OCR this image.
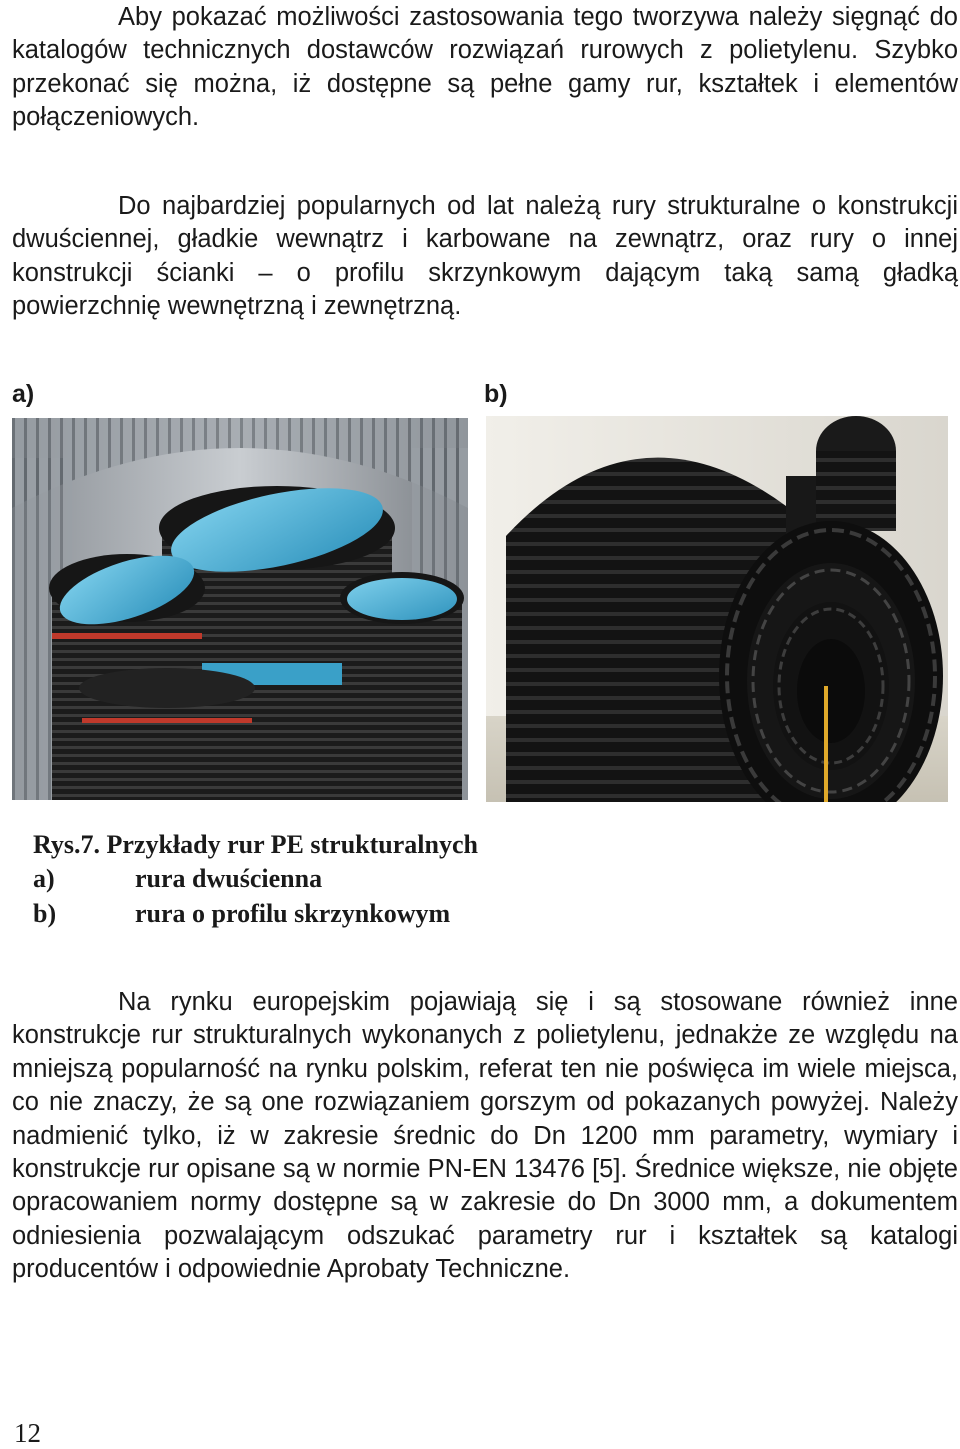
Aby pokazać możliwości zastosowania tego tworzywa należy sięgnąć do katalogów technicznych dostawców rozwiązań rurowych z polietylenu. Szybko przekonać się można, iż dostępne są pełne gamy rur, kształtek i elementów połączeniowych.

Do najbardziej popularnych od lat należą rury strukturalne o konstrukcji dwuściennej, gładkie wewnątrz i karbowane na zewnątrz, oraz rury o innej konstrukcji ścianki – o profilu skrzynkowym dającym taką samą gładką powierzchnię wewnętrzną i zewnętrzną.

a)	b)
Rys.7. Przykłady rur PE strukturalnych
a)	rura dwuścienna
b)	rura o profilu skrzynkowym

Na rynku europejskim pojawiają się i są stosowane również inne konstrukcje rur strukturalnych wykonanych z polietylenu, jednakże ze względu na mniejszą popularność na rynku polskim, referat ten nie poświęca im wiele miejsca, co nie znaczy, że są one rozwiązaniem gorszym od pokazanych powyżej. Należy nadmienić tylko, iż w zakresie średnic do Dn 1200 mm parametry, wymiary i konstrukcje rur opisane są w normie PN-EN 13476 [5]. Średnice większe, nie objęte opracowaniem normy dostępne są w zakresie do Dn 3000 mm, a dokumentem odniesienia pozwalającym odszukać parametry rur i kształtek są katalogi producentów i odpowiednie Aprobaty Techniczne.

12
